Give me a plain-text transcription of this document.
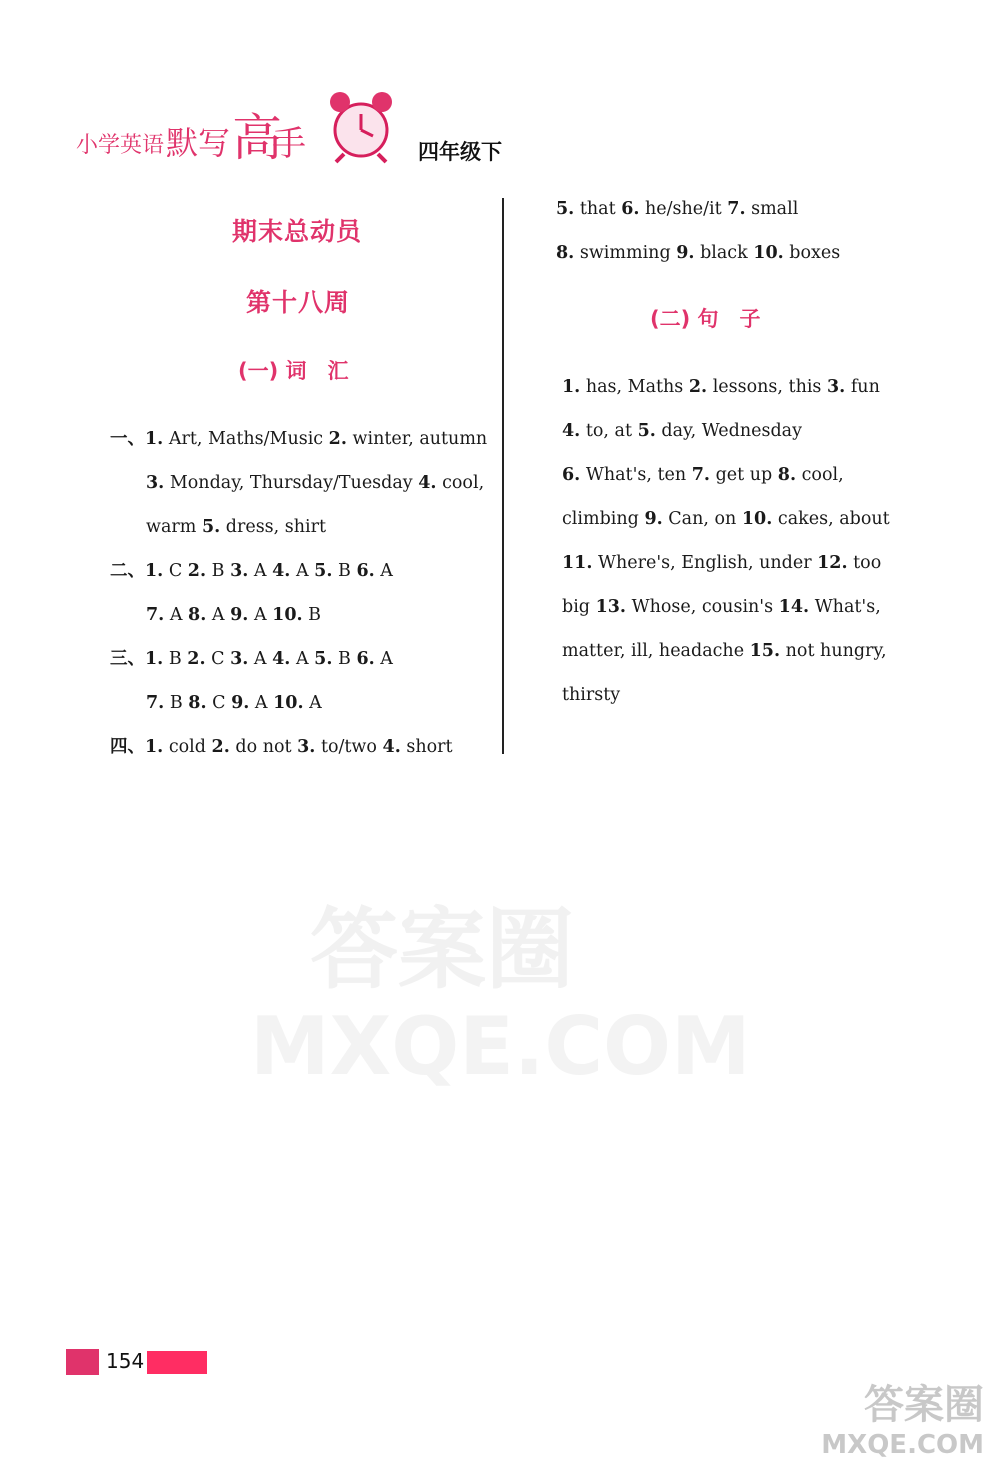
小学英语 默写 高
手	四年级下
期末总动员
第十八周
(一) 词　汇
一、1. Art, Maths/Music 2. winter, autumn
3. Monday, Thursday/Tuesday 4. cool,
warm 5. dress, shirt
二、1. C 2. B 3. A 4. A 5. B 6. A
7. A 8. A 9. A 10. B
三、1. B 2. C 3. A 4. A 5. B 6. A
7. B 8. C 9. A 10. A
四、1. cold 2. do not 3. to/two 4. short
5. that 6. he/she/it 7. small
8. swimming 9. black 10. boxes
(二) 句　子
1. has, Maths 2. lessons, this 3. fun
4. to, at 5. day, Wednesday
6. What's, ten 7. get up 8. cool,
climbing 9. Can, on 10. cakes, about
11. Where's, English, under 12. too
big 13. Whose, cousin's 14. What's,
matter, ill, headache 15. not hungry,
thirsty
答案圈
MXQE.COM
154
答案圈
MXQE.COM
